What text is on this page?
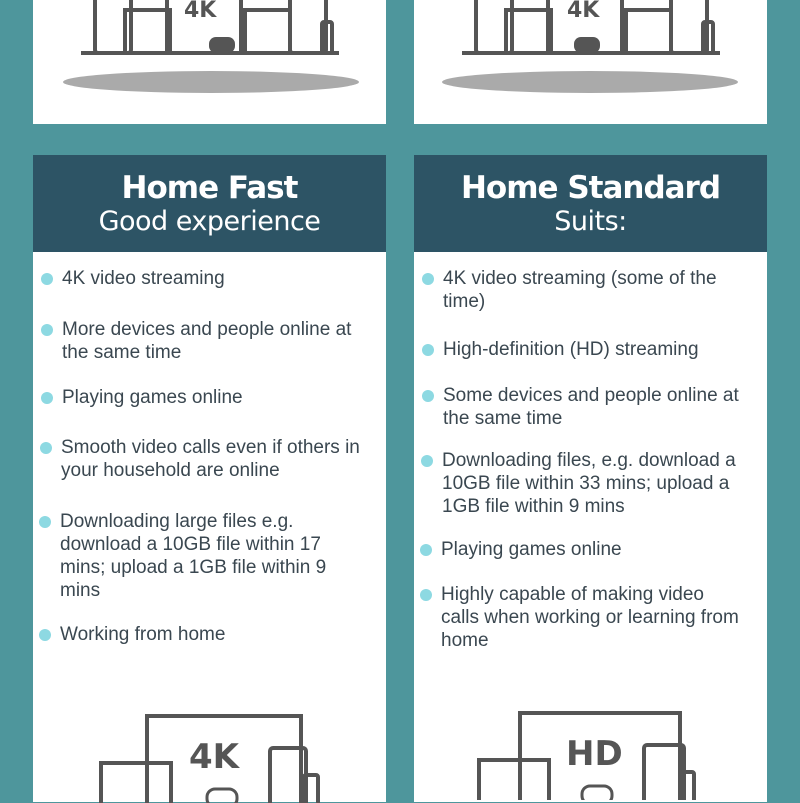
4K	4K
Home Fast
Good experience
4K video streaming
More devices and people online at the same time
Playing games online
Smooth video calls even if others in your household are online
Downloading large files e.g. download a 10GB file within 17 mins; upload a 1GB file within 9 mins
Working from home
4K
Home Standard
Suits:
4K video streaming (some of the time)
High-definition (HD) streaming
Some devices and people online at the same time
Downloading files, e.g. download a 10GB file within 33 mins; upload a 1GB file within 9 mins
Playing games online
Highly capable of making video calls when working or learning from home
HD
